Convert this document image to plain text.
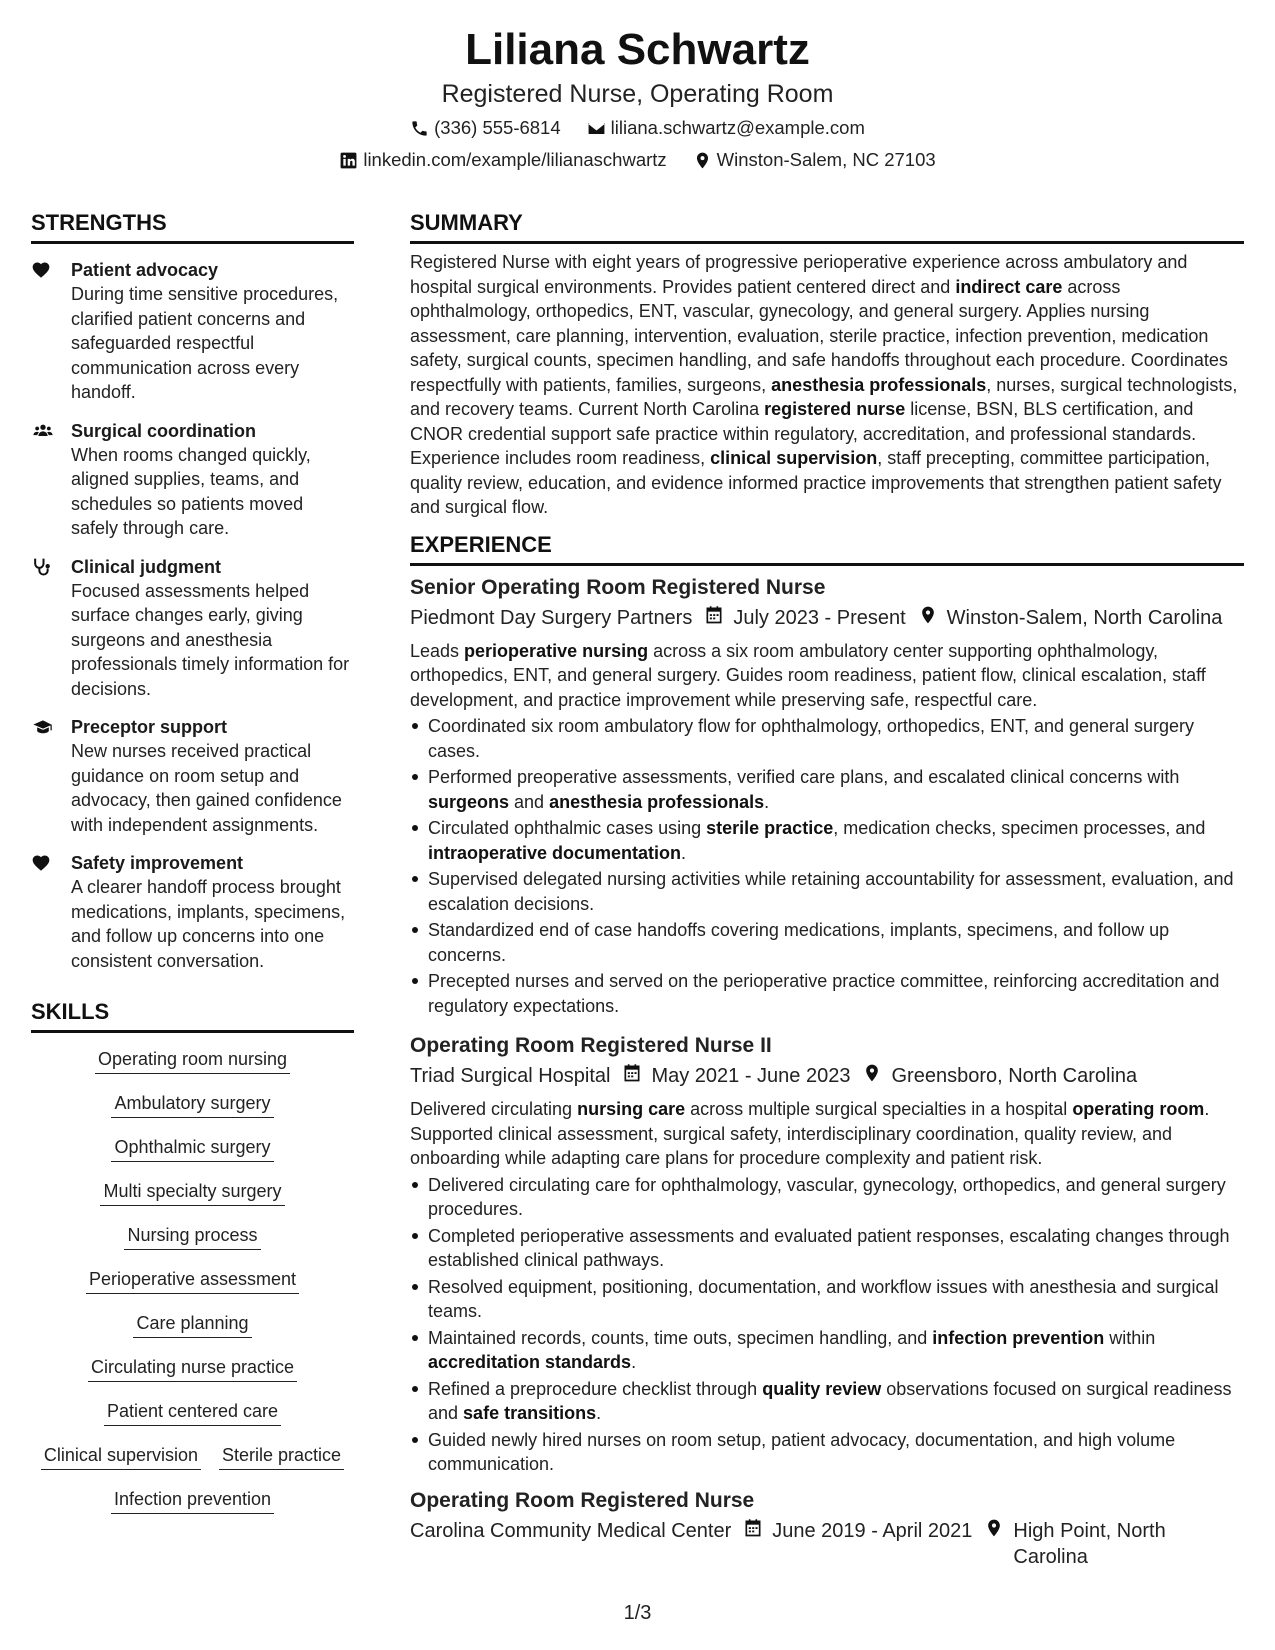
Liliana Schwartz
Registered Nurse, Operating Room
(336) 555-6814	liliana.schwartz@example.com
linkedin.com/example/lilianaschwartz	Winston-Salem, NC 27103
STRENGTHS
Patient advocacy
During time sensitive procedures, clarified patient concerns and safeguarded respectful communication across every handoff.
Surgical coordination
When rooms changed quickly, aligned supplies, teams, and schedules so patients moved safely through care.
Clinical judgment
Focused assessments helped surface changes early, giving surgeons and anesthesia professionals timely information for decisions.
Preceptor support
New nurses received practical guidance on room setup and advocacy, then gained confidence with independent assignments.
Safety improvement
A clearer handoff process brought medications, implants, specimens, and follow up concerns into one consistent conversation.
SKILLS
Operating room nursing
Ambulatory surgery
Ophthalmic surgery
Multi specialty surgery
Nursing process
Perioperative assessment
Care planning
Circulating nurse practice
Patient centered care
Clinical supervision Sterile practice
Infection prevention
SUMMARY
Registered Nurse with eight years of progressive perioperative experience across ambulatory and hospital surgical environments. Provides patient centered direct and indirect care across ophthalmology, orthopedics, ENT, vascular, gynecology, and general surgery. Applies nursing assessment, care planning, intervention, evaluation, sterile practice, infection prevention, medication safety, surgical counts, specimen handling, and safe handoffs throughout each procedure. Coordinates respectfully with patients, families, surgeons, anesthesia professionals, nurses, surgical technologists, and recovery teams. Current North Carolina registered nurse license, BSN, BLS certification, and CNOR credential support safe practice within regulatory, accreditation, and professional standards. Experience includes room readiness, clinical supervision, staff precepting, committee participation, quality review, education, and evidence informed practice improvements that strengthen patient safety and surgical flow.
EXPERIENCE
Senior Operating Room Registered Nurse
Piedmont Day Surgery Partners July 2023 - Present Winston-Salem, North Carolina
Leads perioperative nursing across a six room ambulatory center supporting ophthalmology, orthopedics, ENT, and general surgery. Guides room readiness, patient flow, clinical escalation, staff development, and practice improvement while preserving safe, respectful care.
Coordinated six room ambulatory flow for ophthalmology, orthopedics, ENT, and general surgery cases.
Performed preoperative assessments, verified care plans, and escalated clinical concerns with surgeons and anesthesia professionals.
Circulated ophthalmic cases using sterile practice, medication checks, specimen processes, and intraoperative documentation.
Supervised delegated nursing activities while retaining accountability for assessment, evaluation, and escalation decisions.
Standardized end of case handoffs covering medications, implants, specimens, and follow up concerns.
Precepted nurses and served on the perioperative practice committee, reinforcing accreditation and regulatory expectations.
Operating Room Registered Nurse II
Triad Surgical Hospital May 2021 - June 2023 Greensboro, North Carolina
Delivered circulating nursing care across multiple surgical specialties in a hospital operating room. Supported clinical assessment, surgical safety, interdisciplinary coordination, quality review, and onboarding while adapting care plans for procedure complexity and patient risk.
Delivered circulating care for ophthalmology, vascular, gynecology, orthopedics, and general surgery procedures.
Completed perioperative assessments and evaluated patient responses, escalating changes through established clinical pathways.
Resolved equipment, positioning, documentation, and workflow issues with anesthesia and surgical teams.
Maintained records, counts, time outs, specimen handling, and infection prevention within accreditation standards.
Refined a preprocedure checklist through quality review observations focused on surgical readiness and safe transitions.
Guided newly hired nurses on room setup, patient advocacy, documentation, and high volume communication.
Operating Room Registered Nurse
Carolina Community Medical Center June 2019 - April 2021 High Point, North Carolina
1/3
